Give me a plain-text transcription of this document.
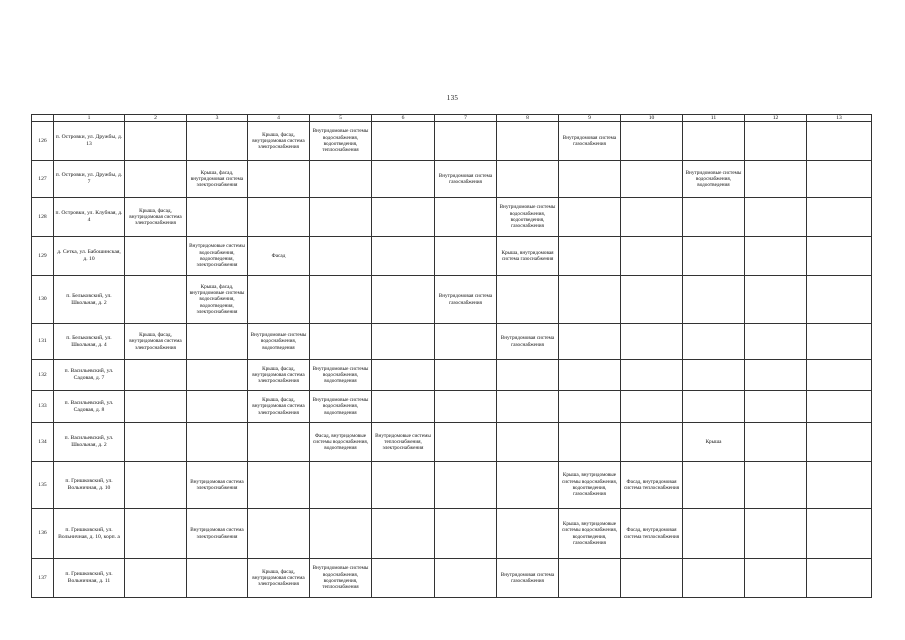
135
	1	2	3	4	5	6	7	8	9	10	11	12	13
126	п. Островки, ул. Дружбы, д. 13			Крыша, фасад, внутридомовая система электроснабжения	Внутридомовые системы водоснабжения, водоотведения, теплоснабжения				Внутридомовая система газоснабжения				
127	п. Островки, ул. Дружбы, д. 7		Крыша, фасад, внутридомовая система электроснабжения				Внутридомовая система газоснабжения				Внутридомовые системы водоснабжения, водоотведения		
128	п. Островки, ул. Клубная, д. 4	Крыша, фасад, внутридомовая система электроснабжения						Внутридомовые системы водоснабжения, водоотведения, газоснабжения					
129	д. Сетка, ул. Бабошинская, д. 10		Внутридомовые системы водоснабжения, водоотведения, электроснабжения	Фасад				Крыша, внутридомовая система газоснабжения					
130	п. Бельковский, ул. Школьная, д. 2		Крыша, фасад, внутридомовые системы водоснабжения, водоотведения, электроснабжения				Внутридомовая система газоснабжения						
131	п. Бельковский, ул. Школьная, д. 4	Крыша, фасад, внутридомовая система электроснабжения		Внутридомовые системы водоснабжения, водоотведения				Внутридомовая система газоснабжения					
132	п. Васильевский, ул. Садовая, д. 7			Крыша, фасад, внутридомовая система электроснабжения	Внутридомовые системы водоснабжения, водоотведения								
133	п. Васильевский, ул. Садовая, д. 8			Крыша, фасад, внутридомовая система электроснабжения	Внутридомовые системы водоснабжения, водоотведения								
134	п. Васильевский, ул. Школьная, д. 2				Фасад, внутридомовые системы водоснабжения, водоотведения	Внутридомовые системы теплоснабжения, электроснабжения					Крыша		
135	п. Гришковский, ул. Вольничная, д. 10		Внутридомовая система электроснабжения						Крыша, внутридомовые системы водоснабжения, водоотведения, газоснабжения	Фасад, внутридомовая система теплоснабжения			
136	п. Гришковский, ул. Вольничная, д. 10, корп. а		Внутридомовая система электроснабжения						Крыша, внутридомовые системы водоснабжения, водоотведения, газоснабжения	Фасад, внутридомовая система теплоснабжения			
137	п. Гришковский, ул. Вольничная, д. 11			Крыша, фасад, внутридомовая система электроснабжения	Внутридомовые системы водоснабжения, водоотведения, теплоснабжения			Внутридомовая система газоснабжения					
